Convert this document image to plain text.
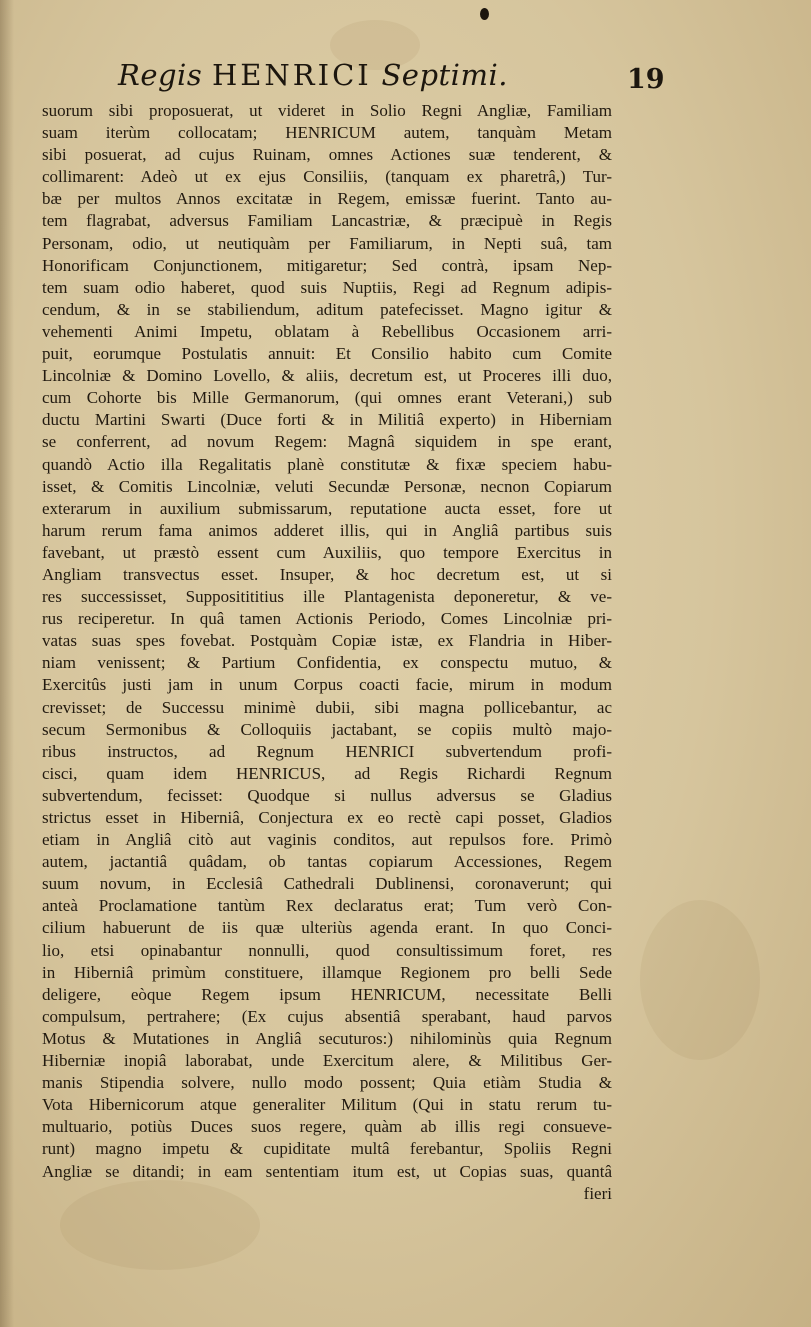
Regis HENRICI Septimi.	19
suorum sibi proposuerat, ut videret in Solio Regni Angliæ, Familiam
suam iterùm collocatam; HENRICUM autem, tanquàm Metam
sibi posuerat, ad cujus Ruinam, omnes Actiones suæ tenderent, &
collimarent: Adeò ut ex ejus Consiliis, (tanquam ex pharetrâ,) Tur-
bæ per multos Annos excitatæ in Regem, emissæ fuerint. Tanto au-
tem flagrabat, adversus Familiam Lancastriæ, & præcipuè in Regis
Personam, odio, ut neutiquàm per Familiarum, in Nepti suâ, tam
Honorificam Conjunctionem, mitigaretur; Sed contrà, ipsam Nep-
tem suam odio haberet, quod suis Nuptiis, Regi ad Regnum adipis-
cendum, & in se stabiliendum, aditum patefecisset. Magno igitur &
vehementi Animi Impetu, oblatam à Rebellibus Occasionem arri-
puit, eorumque Postulatis annuit: Et Consilio habito cum Comite
Lincolniæ & Domino Lovello, & aliis, decretum est, ut Proceres illi duo,
cum Cohorte bis Mille Germanorum, (qui omnes erant Veterani,) sub
ductu Martini Swarti (Duce forti & in Militiâ experto) in Hiberniam
se conferrent, ad novum Regem: Magnâ siquidem in spe erant,
quandò Actio illa Regalitatis planè constitutæ & fixæ speciem habu-
isset, & Comitis Lincolniæ, veluti Secundæ Personæ, necnon Copiarum
exterarum in auxilium submissarum, reputatione aucta esset, fore ut
harum rerum fama animos adderet illis, qui in Angliâ partibus suis
favebant, ut præstò essent cum Auxiliis, quo tempore Exercitus in
Angliam transvectus esset. Insuper, & hoc decretum est, ut si
res successisset, Suppositititius ille Plantagenista deponeretur, & ve-
rus reciperetur. In quâ tamen Actionis Periodo, Comes Lincolniæ pri-
vatas suas spes fovebat. Postquàm Copiæ istæ, ex Flandria in Hiber-
niam venissent; & Partium Confidentia, ex conspectu mutuo, &
Exercitûs justi jam in unum Corpus coacti facie, mirum in modum
crevisset; de Successu minimè dubii, sibi magna pollicebantur, ac
secum Sermonibus & Colloquiis jactabant, se copiis multò majo-
ribus instructos, ad Regnum HENRICI subvertendum profi-
cisci, quam idem HENRICUS, ad Regis Richardi Regnum
subvertendum, fecisset: Quodque si nullus adversus se Gladius
strictus esset in Hiberniâ, Conjectura ex eo rectè capi posset, Gladios
etiam in Angliâ citò aut vaginis conditos, aut repulsos fore. Primò
autem, jactantiâ quâdam, ob tantas copiarum Accessiones, Regem
suum novum, in Ecclesiâ Cathedrali Dublinensi, coronaverunt; qui
anteà Proclamatione tantùm Rex declaratus erat; Tum verò Con-
cilium habuerunt de iis quæ ulteriùs agenda erant. In quo Conci-
lio, etsi opinabantur nonnulli, quod consultissimum foret, res
in Hiberniâ primùm constituere, illamque Regionem pro belli Sede
deligere, eòque Regem ipsum HENRICUM, necessitate Belli
compulsum, pertrahere; (Ex cujus absentiâ sperabant, haud parvos
Motus & Mutationes in Angliâ secuturos:) nihilominùs quia Regnum
Hiberniæ inopiâ laborabat, unde Exercitum alere, & Militibus Ger-
manis Stipendia solvere, nullo modo possent; Quia etiàm Studia &
Vota Hibernicorum atque generaliter Militum (Qui in statu rerum tu-
multuario, potiùs Duces suos regere, quàm ab illis regi consueve-
runt) magno impetu & cupiditate multâ ferebantur, Spoliis Regni
Angliæ se ditandi; in eam sententiam itum est, ut Copias suas, quantâ
fieri
